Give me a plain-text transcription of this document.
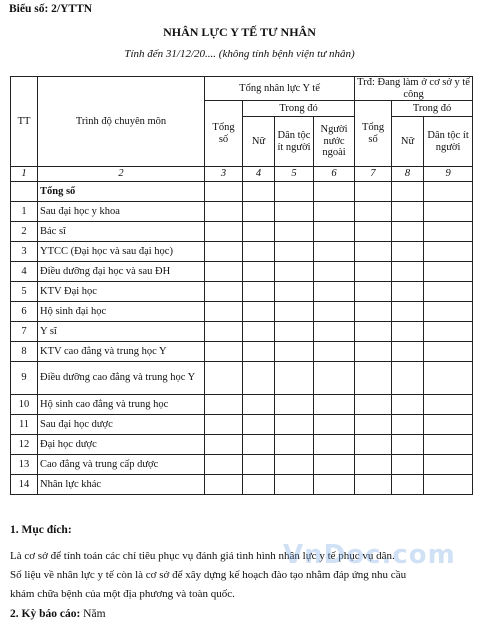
Biểu số: 2/YTTN
NHÂN LỰC Y TẾ TƯ NHÂN
Tính đến 31/12/20.... (không tính bệnh viện tư nhân)
TT	Trình độ chuyên môn	Tổng nhân lực Y tế				Trđ: Đang làm ở cơ sở y tế công		
		Tổng số	Trong đó			Tổng số	Trong đó	
			Nữ	Dân tộc ít người	Người nước ngoài		Nữ	Dân tộc ít người
1	2	3	4	5	6	7	8	9
	Tổng số							
1	Sau đại học y khoa							
2	Bác sĩ							
3	YTCC (Đại học và sau đại học)							
4	Điều dưỡng đại học và sau ĐH							
5	KTV Đại học							
6	Hộ sinh đại học							
7	Y sĩ							
8	KTV cao đẳng và trung học Y							
9	Điều dưỡng cao đẳng và trung học Y							
10	Hộ sinh cao đẳng và trung học							
11	Sau đại học dược							
12	Đại học dược							
13	Cao đẳng và trung cấp dược							
14	Nhân lực khác							
1. Mục đích:
Là cơ sở để tính toán các chỉ tiêu phục vụ đánh giá tình hình nhân lực y tế phục vụ dân.
Số liệu về nhân lực y tế còn là cơ sở để xây dựng kế hoạch đào tạo nhằm đáp ứng nhu cầu
khám chữa bệnh của một địa phương và toàn quốc.
VnDoc.com
2. Kỳ báo cáo: Năm
